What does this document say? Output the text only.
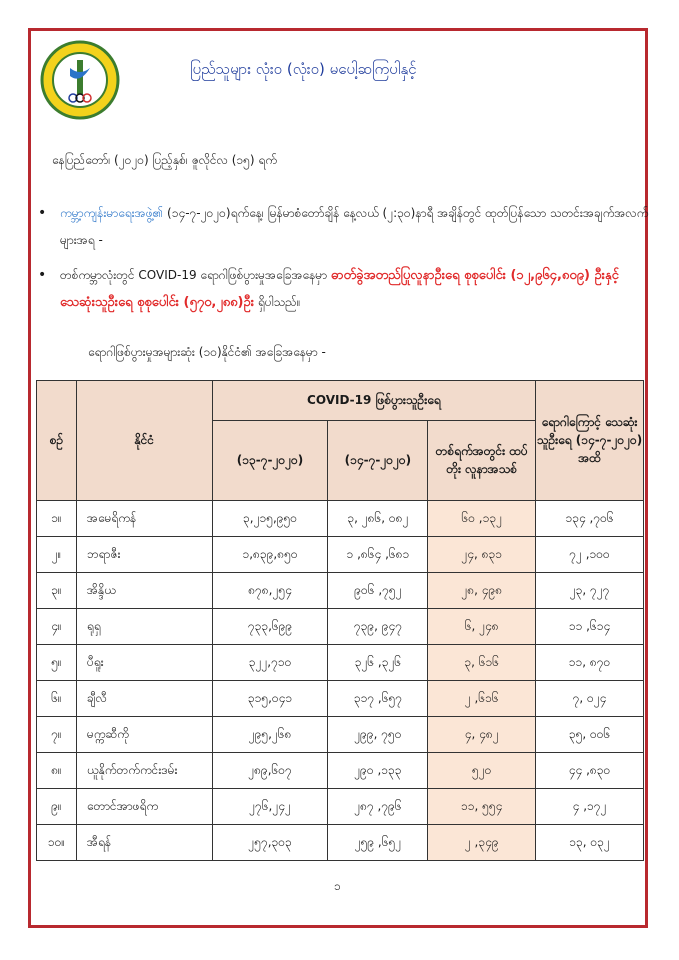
ပြည်သူများ လုံး၀ (လုံး၀) မပေါ့ဆကြပါနှင့်
နေပြည်တော်၊ (၂၀၂၀) ပြည့်နှစ်၊ ဇူလိုင်လ (၁၅) ရက်
• ကမ္ဘာ့ကျန်းမာရေးအဖွဲ့၏ (၁၄-၇-၂၀၂၀)ရက်နေ့၊ မြန်မာစံတော်ချိန် နေ့လယ် (၂:၃၀)နာရီ အချိန်တွင် ထုတ်ပြန်သော သတင်းအချက်အလက်များအရ -
• တစ်ကမ္ဘာလုံးတွင် COVID-19 ရောဂါဖြစ်ပွားမှုအခြေအနေမှာ ဓာတ်ခွဲအတည်ပြုလူနာဦးရေ စုစုပေါင်း (၁၂,၉၆၄,၈၀၉) ဦးနှင့် သေဆုံးသူဦးရေ စုစုပေါင်း (၅၇၀,၂၈၈)ဦး ရှိပါသည်။
ရောဂါဖြစ်ပွားမှုအများဆုံး (၁၀)နိုင်ငံ၏ အခြေအနေမှာ -
စဉ်	နိုင်ငံ	COVID-19 ဖြစ်ပွားသူဦးရေ			ရောဂါကြောင့် သေဆုံးသူဦးရေ (၁၄-၇-၂၀၂၀) အထိ
		(၁၃-၇-၂၀၂၀)	(၁၄-၇-၂၀၂၀)	တစ်ရက်အတွင်း ထပ်တိုး လူနာအသစ်	

၁။	အမေရိကန်	၃,၂၁၅,၉၅၀	၃, ၂၈၆, ၀၈၂	၆၀ ,၁၃၂	၁၃၄ ,၇၀၆
၂။	ဘရာဇီး	၁,၈၃၉,၈၅၀	၁ ,၈၆၄ ,၆၈၁	၂၄, ၈၃၁	၇၂ ,၁၀၀
၃။	အိန္ဒိယ	၈၇၈,၂၅၄	၉၀၆ ,၇၅၂	၂၈, ၄၉၈	၂၃, ၇၂၇
၄။	ရုရှ	၇၃၃,၆၉၉	၇၃၉, ၉၄၇	၆, ၂၄၈	၁၁ ,၆၁၄
၅။	ပီရူး	၃၂၂,၇၁၀	၃၂၆ ,၃၂၆	၃, ၆၁၆	၁၁, ၈၇၀
၆။	ချီလီ	၃၁၅,၀၄၁	၃၁၇ ,၆၅၇	၂ ,၆၁၆	၇, ၀၂၄
၇။	မက္ကဆီကို	၂၉၅,၂၆၈	၂၉၉, ၇၅၀	၄, ၄၈၂	၃၅, ၀၀၆
၈။	ယူနိုက်တက်ကင်းဒမ်း	၂၈၉,၆၀၇	၂၉၀ ,၁၃၃	၅၂၀	၄၄ ,၈၃၀
၉။	တောင်အာဖရိက	၂၇၆,၂၄၂	၂၈၇ ,၇၉၆	၁၁, ၅၅၄	၄ ,၁၇၂
၁၀။	အီရန်	၂၅၇,၃၀၃	၂၅၉ ,၆၅၂	၂ ,၃၄၉	၁၃, ၀၃၂
၁
